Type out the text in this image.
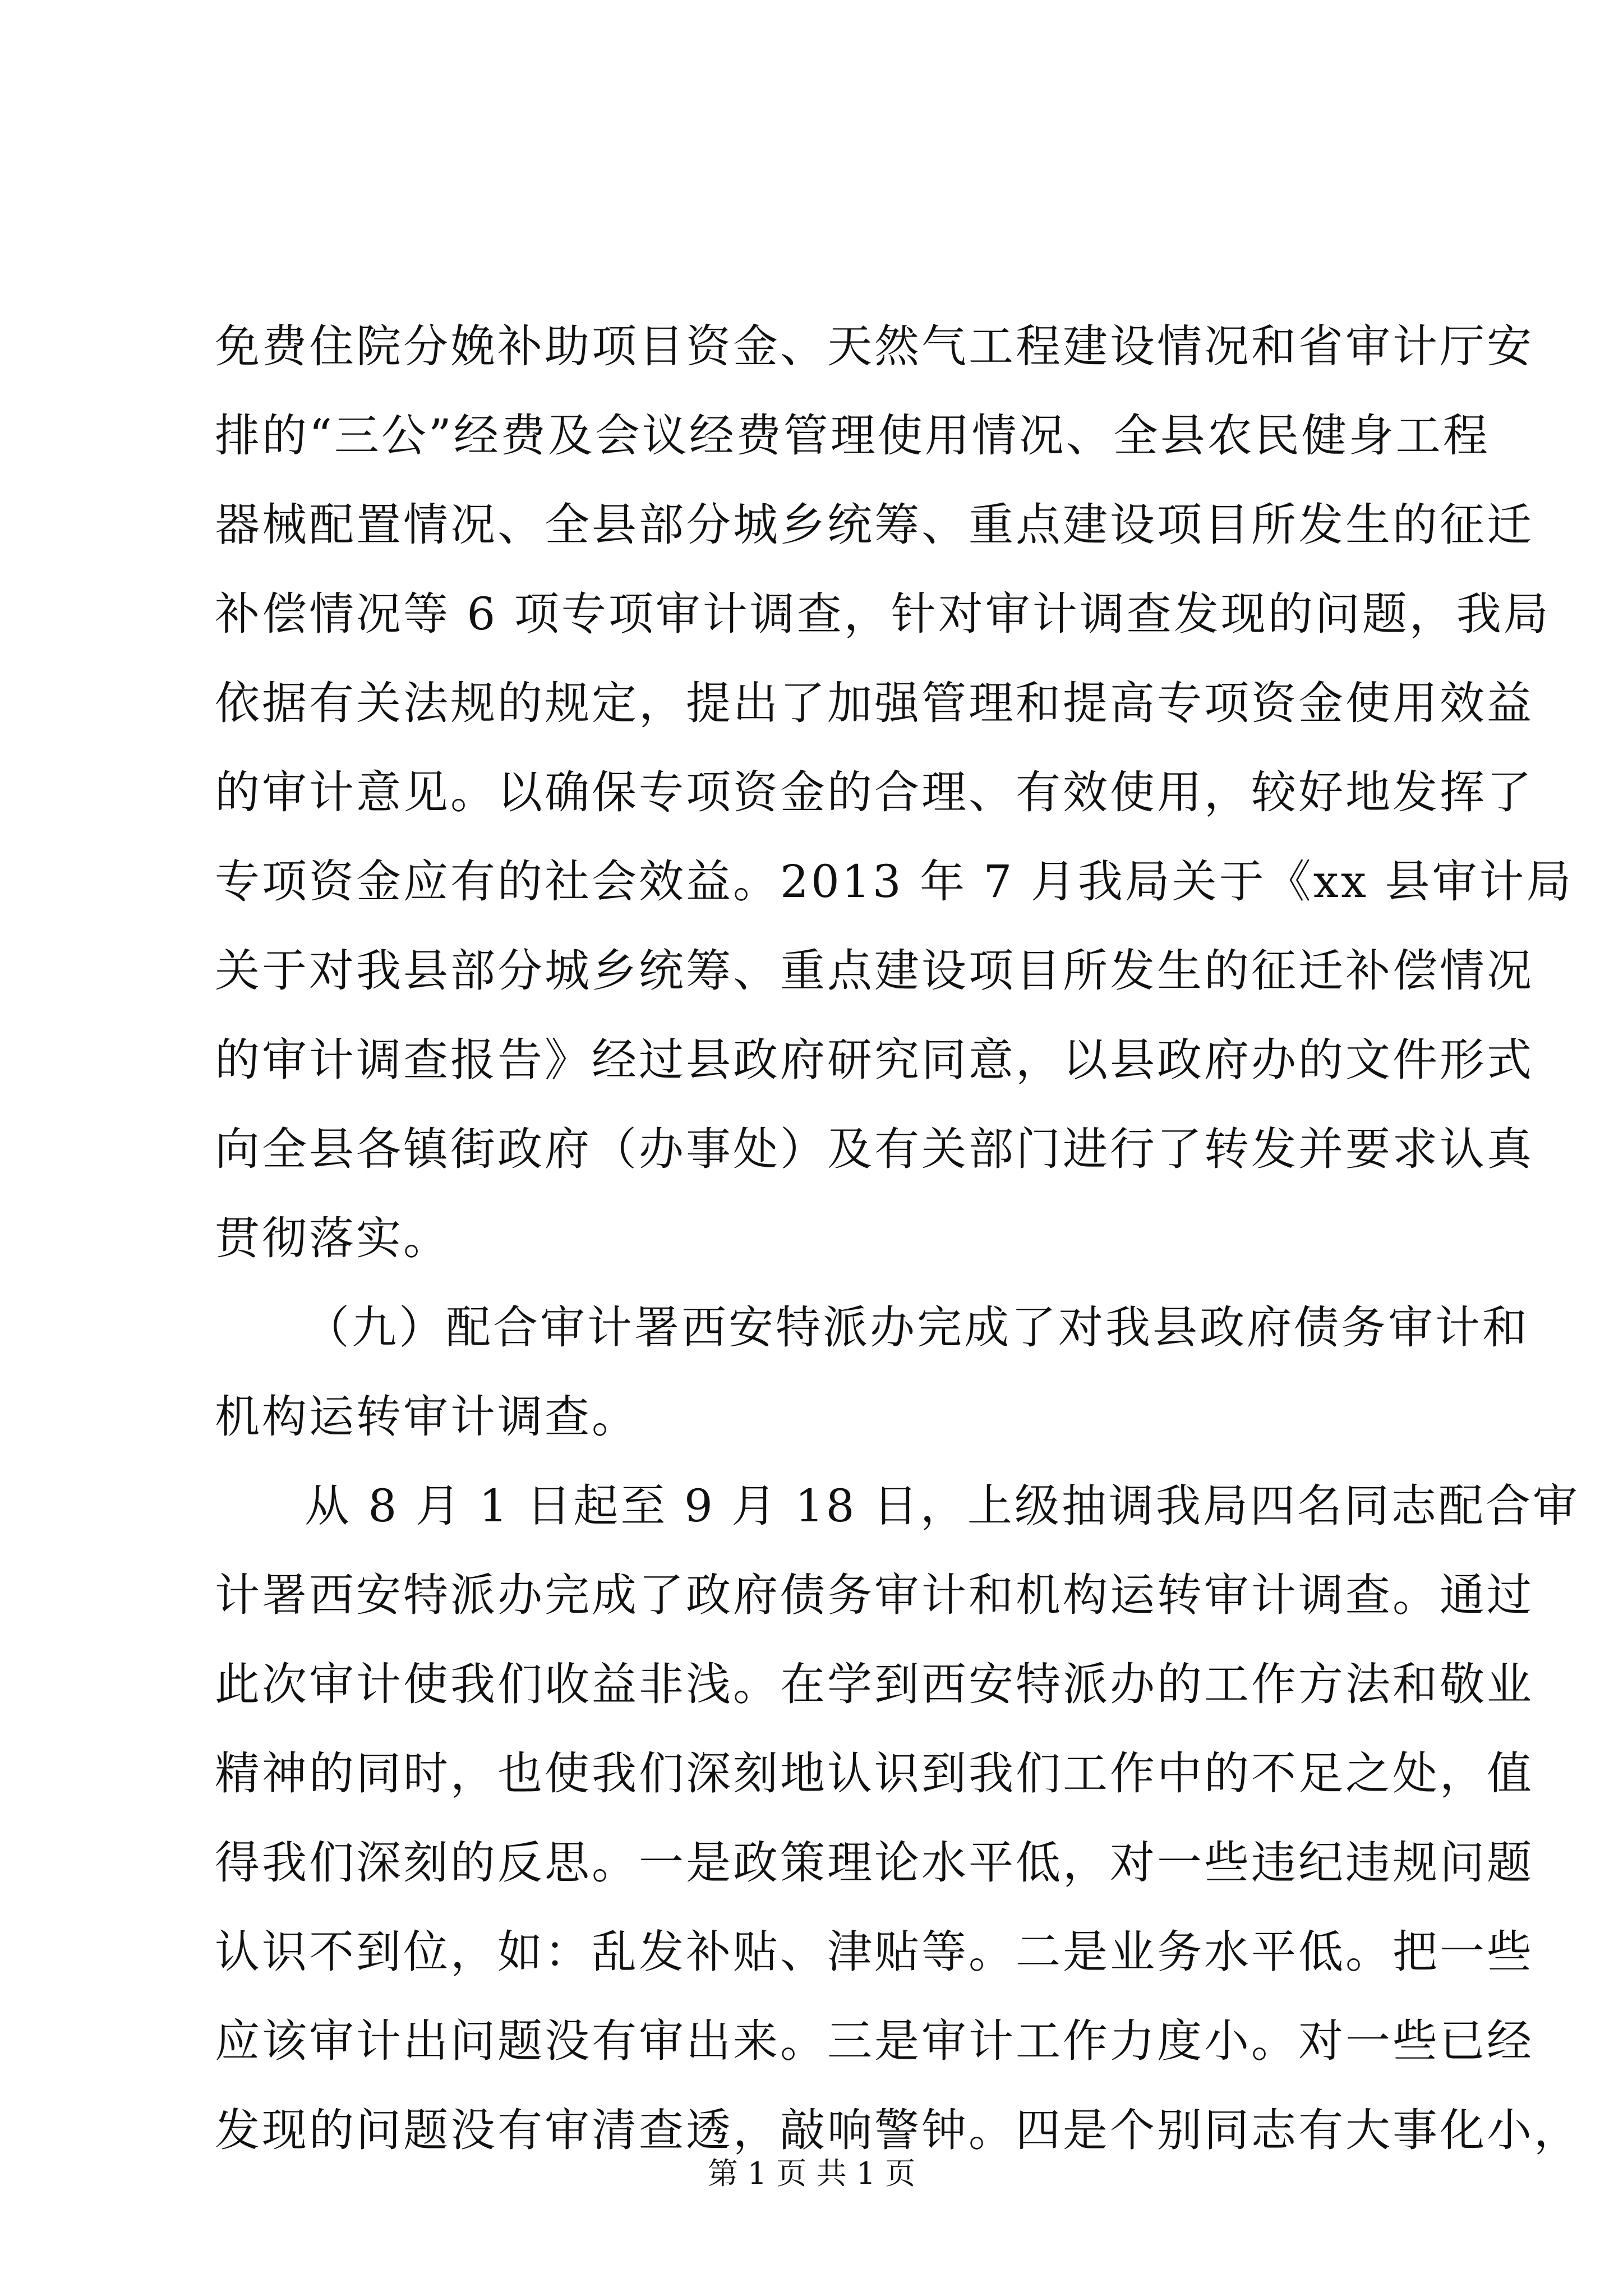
免费住院分娩补助项目资金、天然气工程建设情况和省审计厅安
排的“三公”经费及会议经费管理使用情况、全县农民健身工程
器械配置情况、全县部分城乡统筹、重点建设项目所发生的征迁
补偿情况等 6 项专项审计调查，针对审计调查发现的问题，我局
依据有关法规的规定，提出了加强管理和提高专项资金使用效益
的审计意见。以确保专项资金的合理、有效使用，较好地发挥了
专项资金应有的社会效益。2013 年 7 月我局关于《xx 县审计局
关于对我县部分城乡统筹、重点建设项目所发生的征迁补偿情况
的审计调查报告》经过县政府研究同意，以县政府办的文件形式
向全县各镇街政府（办事处）及有关部门进行了转发并要求认真
贯彻落实。
（九）配合审计署西安特派办完成了对我县政府债务审计和
机构运转审计调查。
从 8 月 1 日起至 9 月 18 日，上级抽调我局四名同志配合审
计署西安特派办完成了政府债务审计和机构运转审计调查。通过
此次审计使我们收益非浅。在学到西安特派办的工作方法和敬业
精神的同时，也使我们深刻地认识到我们工作中的不足之处，值
得我们深刻的反思。一是政策理论水平低，对一些违纪违规问题
认识不到位，如：乱发补贴、津贴等。二是业务水平低。把一些
应该审计出问题没有审出来。三是审计工作力度小。对一些已经
发现的问题没有审清查透，敲响警钟。四是个别同志有大事化小，
第 1 页 共 1 页
